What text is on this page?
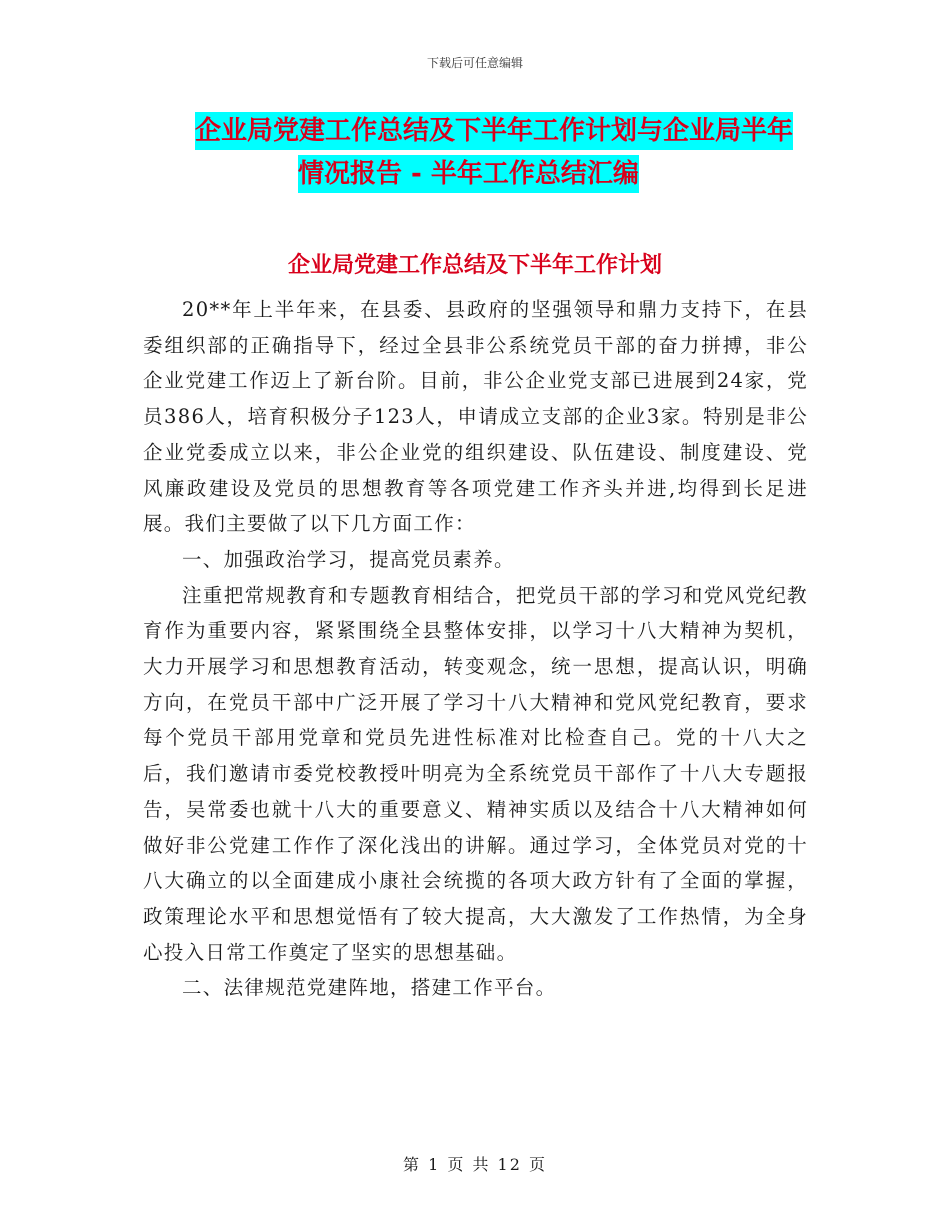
下载后可任意编辑
企业局党建工作总结及下半年工作计划与企业局半年
情况报告 - 半年工作总结汇编
企业局党建工作总结及下半年工作计划

20**年上半年来，在县委、县政府的坚强领导和鼎力支持下，在县委组织部的正确指导下，经过全县非公系统党员干部的奋力拼搏，非公企业党建工作迈上了新台阶。目前，非公企业党支部已进展到24家，党员386人，培育积极分子123人，申请成立支部的企业3家。特别是非公企业党委成立以来，非公企业党的组织建设、队伍建设、制度建设、党风廉政建设及党员的思想教育等各项党建工作齐头并进,均得到长足进展。我们主要做了以下几方面工作：

一、加强政治学习，提高党员素养。

注重把常规教育和专题教育相结合，把党员干部的学习和党风党纪教育作为重要内容，紧紧围绕全县整体安排，以学习十八大精神为契机，大力开展学习和思想教育活动，转变观念，统一思想，提高认识，明确方向，在党员干部中广泛开展了学习十八大精神和党风党纪教育，要求每个党员干部用党章和党员先进性标准对比检查自己。党的十八大之后，我们邀请市委党校教授叶明亮为全系统党员干部作了十八大专题报告，吴常委也就十八大的重要意义、精神实质以及结合十八大精神如何做好非公党建工作作了深化浅出的讲解。通过学习，全体党员对党的十八大确立的以全面建成小康社会统揽的各项大政方针有了全面的掌握，政策理论水平和思想觉悟有了较大提高，大大激发了工作热情，为全身心投入日常工作奠定了坚实的思想基础。

二、法律规范党建阵地，搭建工作平台。

第 1 页 共 12 页
